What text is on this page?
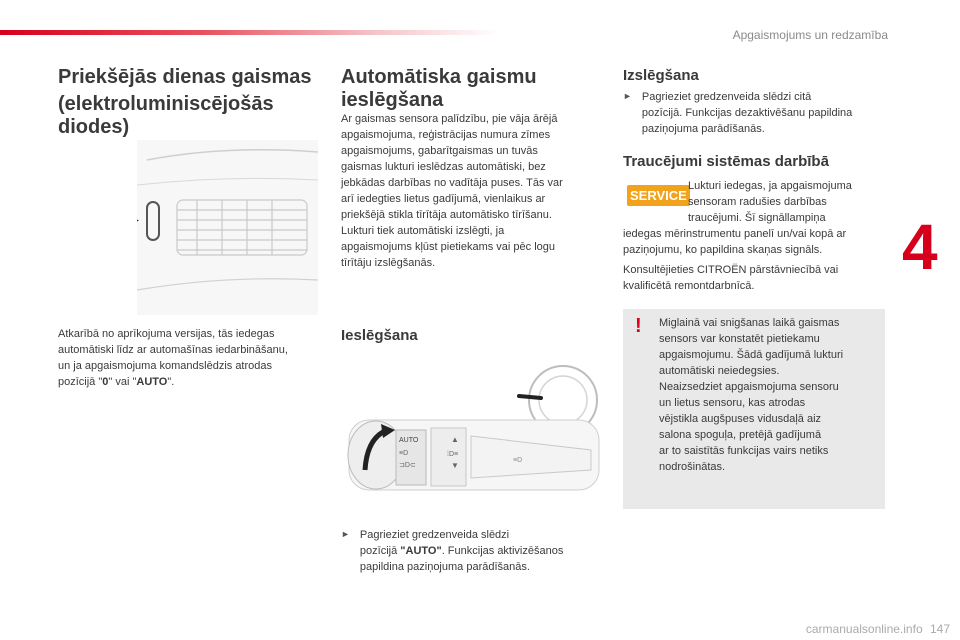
Apgaismojums un redzamība
4
Priekšējās dienas gaismas
(elektroluminiscējošās diodes)

Atkarībā no aprīkojuma versijas, tās iedegas

automātiski līdz ar automašīnas iedarbināšanu,

un ja apgaismojuma komandslēdzis atrodas

pozīcijā "0" vai "AUTO".

Automātiska gaismu ieslēgšana

Ar gaismas sensora palīdzību, pie vāja ārējā

apgaismojuma, reģistrācijas numura zīmes

apgaismojums, gabarītgaismas un tuvās

gaismas lukturi ieslēdzas automātiski, bez

jebkādas darbības no vadītāja puses. Tās var

arī iedegties lietus gadījumā, vienlaikus ar

priekšējā stikla tīrītāja automātisko tīrīšanu.

Lukturi tiek automātiski izslēgti, ja

apgaismojums kļūst pietiekams vai pēc logu

tīrītāju izslēgšanās.

Ieslēgšana
AUTO
≡D
⊐D⊂
▲
⁞D≡
▼
≡D
► Pagrieziet gredzenveida slēdzi

pozīcijā "AUTO". Funkcijas aktivizēšanos

papildina paziņojuma parādīšanās.

Izslēgšana
► Pagrieziet gredzenveida slēdzi citā

pozīcijā. Funkcijas dezaktivēšanu papildina

paziņojuma parādīšanās.

Traucējumi sistēmas darbībā
SERVICE

Lukturi iedegas, ja apgaismojuma

sensoram radušies darbības

traucējumi. Šī signāllampiņa

iedegas mērinstrumentu panelī un/vai kopā ar

paziņojumu, ko papildina skaņas signāls.

Konsultējieties CITROËN pārstāvniecībā vai

kvalificētā remontdarbnīcā.

! Miglainā vai snigšanas laikā gaismas

sensors var konstatēt pietiekamu

apgaismojumu. Šādā gadījumā lukturi

automātiski neiedegsies.

Neaizsedziet apgaismojuma sensoru

un lietus sensoru, kas atrodas

vējstikla augšpuses vidusdaļā aiz

salona spoguļa, pretējā gadījumā

ar to saistītās funkcijas vairs netiks

nodrošinātas.

carmanualsonline.info 147
